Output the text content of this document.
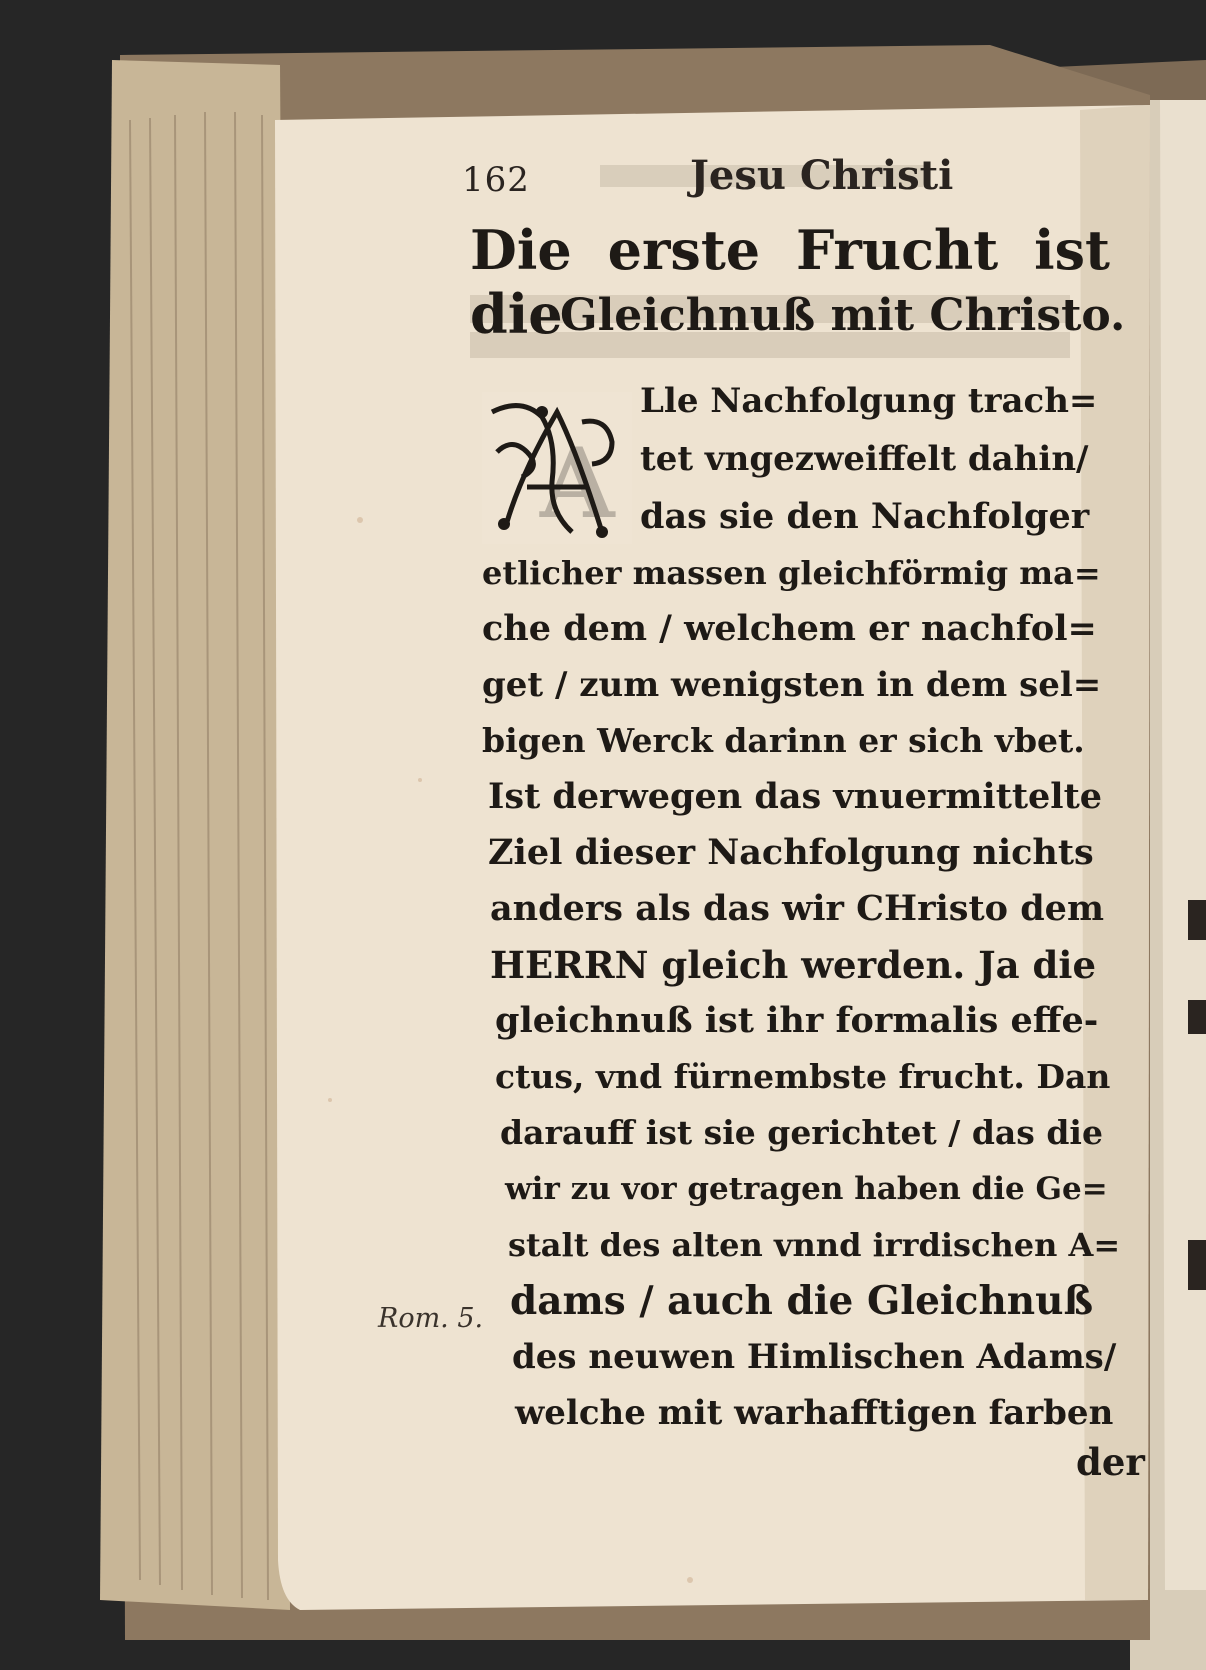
162	Jesu Christi
Die erste Frucht ist die
Gleichnuß mit Christo.
A
Lle Nachfolgung trach=
tet vngezweiffelt dahin/
das sie den Nachfolger
etlicher massen gleichförmig ma=
che dem / welchem er nachfol=
get / zum wenigsten in dem sel=
bigen Werck darinn er sich vbet.
Ist derwegen das vnuermittelte
Ziel dieser Nachfolgung nichts
anders als das wir CHristo dem
HERRN gleich werden. Ja die
gleichnuß ist ihr formalis effe-
ctus, vnd fürnembste frucht. Dan
darauff ist sie gerichtet / das die
wir zu vor getragen haben die Ge=
stalt des alten vnnd irrdischen A=
dams / auch die Gleichnuß
des neuwen Himlischen Adams/
welche mit warhafftigen farben
Rom. 5.
der
